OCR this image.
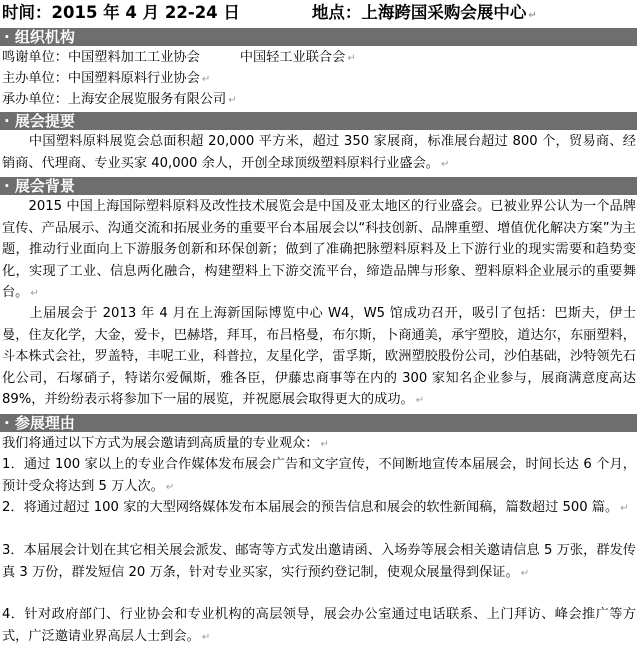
时间：2015 年 4 月 22-24 日	地点：上海跨国采购会展中心 ↵
· 组织机构
鸣谢单位：中国塑料加工工业协会	中国轻工业联合会 ↵
主办单位：中国塑料原料行业协会 ↵
承办单位：上海安企展览服务有限公司 ↵
· 展会提要
　　中国塑料原料展览会总面积超 20,000 平方米，超过 350 家展商，标准展台超过 800 个，贸易商、经销商、代理商、专业买家 40,000 余人，开创全球顶级塑料原料行业盛会。 ↵
· 展会背景
　　2015 中国上海国际塑料原料及改性技术展览会是中国及亚太地区的行业盛会。已被业界公认为一个品牌宣传、产品展示、沟通交流和拓展业务的重要平台本届展会以“科技创新、品牌重塑、增值优化解决方案”为主题，推动行业面向上下游服务创新和环保创新；做到了准确把脉塑料原料及上下游行业的现实需要和趋势变化，实现了工业、信息两化融合，构建塑料上下游交流平台，缔造品牌与形象、塑料原料企业展示的重要舞台。 ↵
　　上届展会于 2013 年 4 月在上海新国际博览中心 W4，W5 馆成功召开，吸引了包括：巴斯夫，伊士曼，住友化学，大金，爱卡，巴赫塔，拜耳，布吕格曼，布尔斯，卜商通美，承宇塑胶，道达尔，东丽塑料，斗本株式会社，罗盖特，丰呢工业，科普拉，友星化学，雷孚斯，欧洲塑胶股份公司，沙伯基础，沙特领先石化公司，石塚硝子，特诺尔爱佩斯，雅各臣，伊藤忠商事等在内的 300 家知名企业参与，展商满意度高达 89%，并纷纷表示将参加下一届的展览，并祝愿展会取得更大的成功。 ↵
· 参展理由
我们将通过以下方式为展会邀请到高质量的专业观众： ↵
1．通过 100 家以上的专业合作媒体发布展会广告和文字宣传，不间断地宣传本届展会，时间长达 6 个月，预计受众将达到 5 万人次。 ↵
2．将通过超过 100 家的大型网络媒体发布本届展会的预告信息和展会的软性新闻稿，篇数超过 500 篇。 ↵
3．本届展会计划在其它相关展会派发、邮寄等方式发出邀请函、入场券等展会相关邀请信息 5 万张，群发传真 3 万份，群发短信 20 万条，针对专业买家，实行预约登记制，使观众展量得到保证。 ↵
4．针对政府部门、行业协会和专业机构的高层领导，展会办公室通过电话联系、上门拜访、峰会推广等方式，广泛邀请业界高层人士到会。 ↵
